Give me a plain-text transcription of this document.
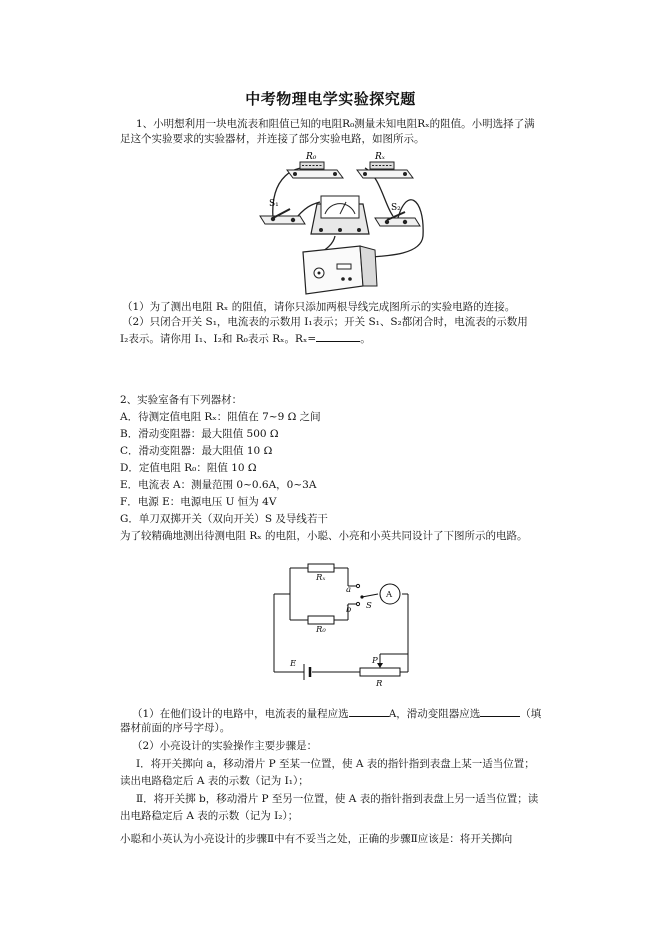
中考物理电学实验探究题
1、小明想利用一块电流表和阻值已知的电阻R₀测量未知电阻Rₓ的阻值。小明选择了满
足这个实验要求的实验器材，并连接了部分实验电路，如图所示。
R₀	Rₓ
S₁	S₂
（1）为了测出电阻 Rₓ 的阻值，请你只添加两根导线完成图所示的实验电路的连接。
（2）只闭合开关 S₁，电流表的示数用 I₁表示；开关 S₁、S₂都闭合时，电流表的示数用
I₂表示。请你用 I₁、I₂和 R₀表示 Rₓ。Rₓ=	。
2、实验室备有下列器材：
A．待测定值电阻 Rₓ：阻值在 7~9 Ω 之间
B．滑动变阻器：最大阻值 500 Ω
C．滑动变阻器：最大阻值 10 Ω
D．定值电阻 R₀：阻值 10 Ω
E．电流表 A：测量范围 0~0.6A，0~3A
F．电源 E：电源电压 U 恒为 4V
G．单刀双掷开关（双向开关）S 及导线若干
为了较精确地测出待测电阻 Rₓ 的电阻，小聪、小亮和小英共同设计了下图所示的电路。
Rₓ
R₀
a
b S
A
E	P
R
（1）在他们设计的电路中，电流表的量程应选	A，滑动变阻器应选	（填
器材前面的序号字母）。
（2）小亮设计的实验操作主要步骤是：
Ⅰ．将开关掷向 a，移动滑片 P 至某一位置，使 A 表的指针指到表盘上某一适当位置；
读出电路稳定后 A 表的示数（记为 I₁）；
Ⅱ．将开关掷 b，移动滑片 P 至另一位置，使 A 表的指针指到表盘上另一适当位置；读
出电路稳定后 A 表的示数（记为 I₂）；
小聪和小英认为小亮设计的步骤Ⅱ中有不妥当之处，正确的步骤Ⅱ应该是：将开关掷向
